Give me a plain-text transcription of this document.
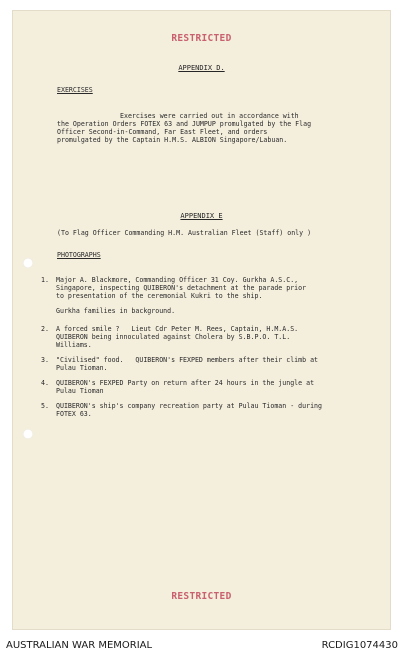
RESTRICTED
APPENDIX D.
EXERCISES
Exercises were carried out in accordance with
the Operation Orders FOTEX 63 and JUMPUP promulgated by the Flag
Officer Second-in-Command, Far East Fleet, and orders
promulgated by the Captain H.M.S. ALBION Singapore/Labuan.
APPENDIX E
(To Flag Officer Commanding H.M. Australian Fleet (Staff) only )
PHOTOGRAPHS
1. Major A. Blackmore, Commanding Officer 31 Coy. Gurkha A.S.C.,
Singapore, inspecting QUIBERON's detachment at the parade prior
to presentation of the ceremonial Kukri to the ship.
Gurkha families in background.
2. A forced smile ?   Lieut Cdr Peter M. Rees, Captain, H.M.A.S.
QUIBERON being innoculated against Cholera by S.B.P.O. T.L.
Williams.
3. "Civilised" food.   QUIBERON's FEXPED members after their climb at
Pulau Tioman.
4. QUIBERON's FEXPED Party on return after 24 hours in the jungle at
Pulau Tioman
5. QUIBERON's ship's company recreation party at Pulau Tioman - during
FOTEX 63.
RESTRICTED
AUSTRALIAN WAR MEMORIAL	RCDIG1074430
